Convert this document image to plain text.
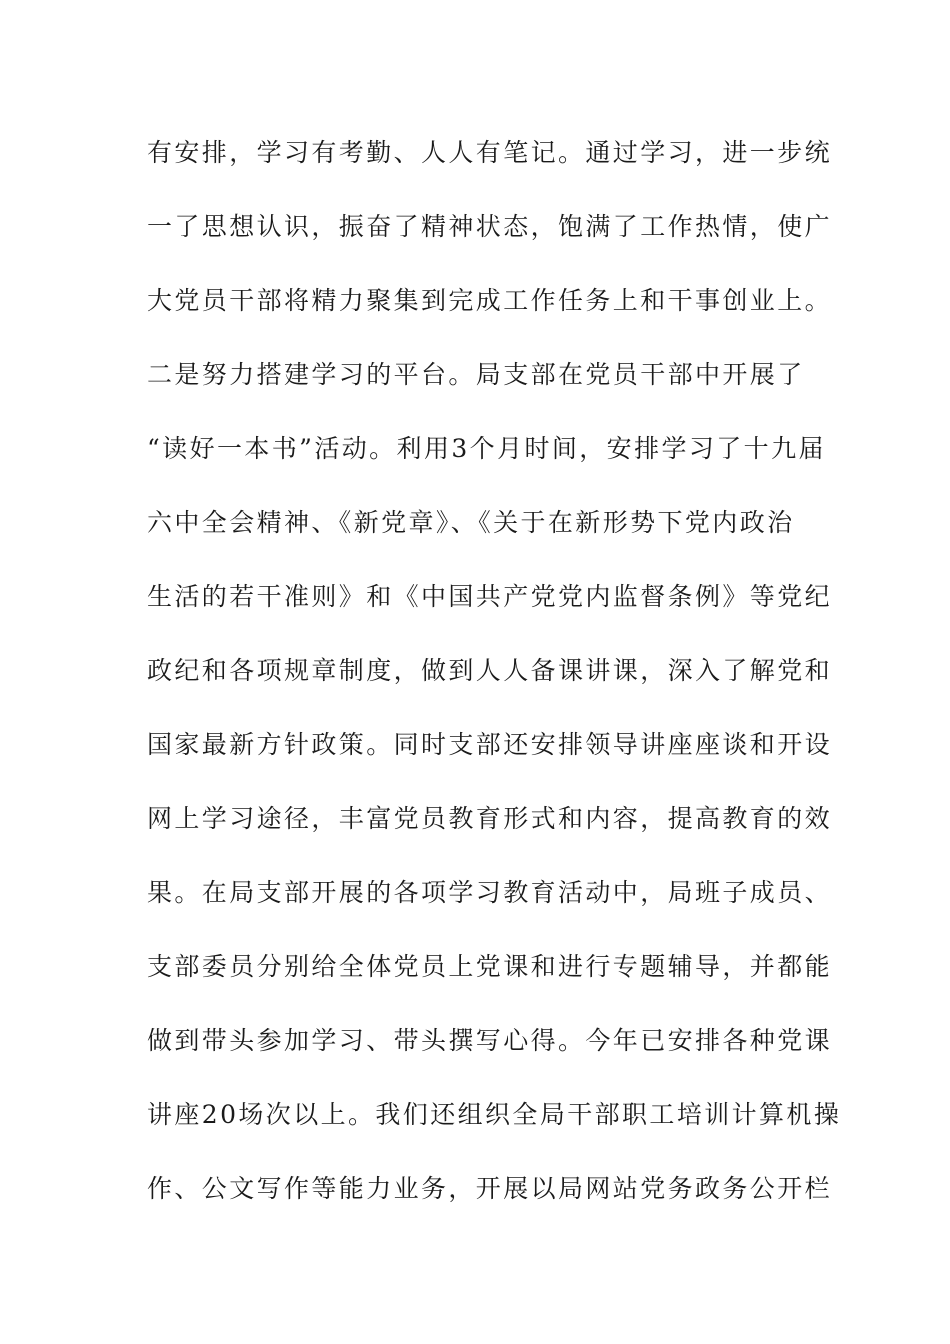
有安排，学习有考勤、人人有笔记。通过学习，进一步统
一了思想认识，振奋了精神状态，饱满了工作热情，使广
大党员干部将精力聚集到完成工作任务上和干事创业上。
二是努力搭建学习的平台。局支部在党员干部中开展了
“读好一本书”活动。利用3个月时间，安排学习了十九届
六中全会精神、《新党章》、《关于在新形势下党内政治
生活的若干准则》和《中国共产党党内监督条例》等党纪
政纪和各项规章制度，做到人人备课讲课，深入了解党和
国家最新方针政策。同时支部还安排领导讲座座谈和开设
网上学习途径，丰富党员教育形式和内容，提高教育的效
果。在局支部开展的各项学习教育活动中，局班子成员、
支部委员分别给全体党员上党课和进行专题辅导，并都能
做到带头参加学习、带头撰写心得。今年已安排各种党课
讲座20场次以上。我们还组织全局干部职工培训计算机操
作、公文写作等能力业务，开展以局网站党务政务公开栏
